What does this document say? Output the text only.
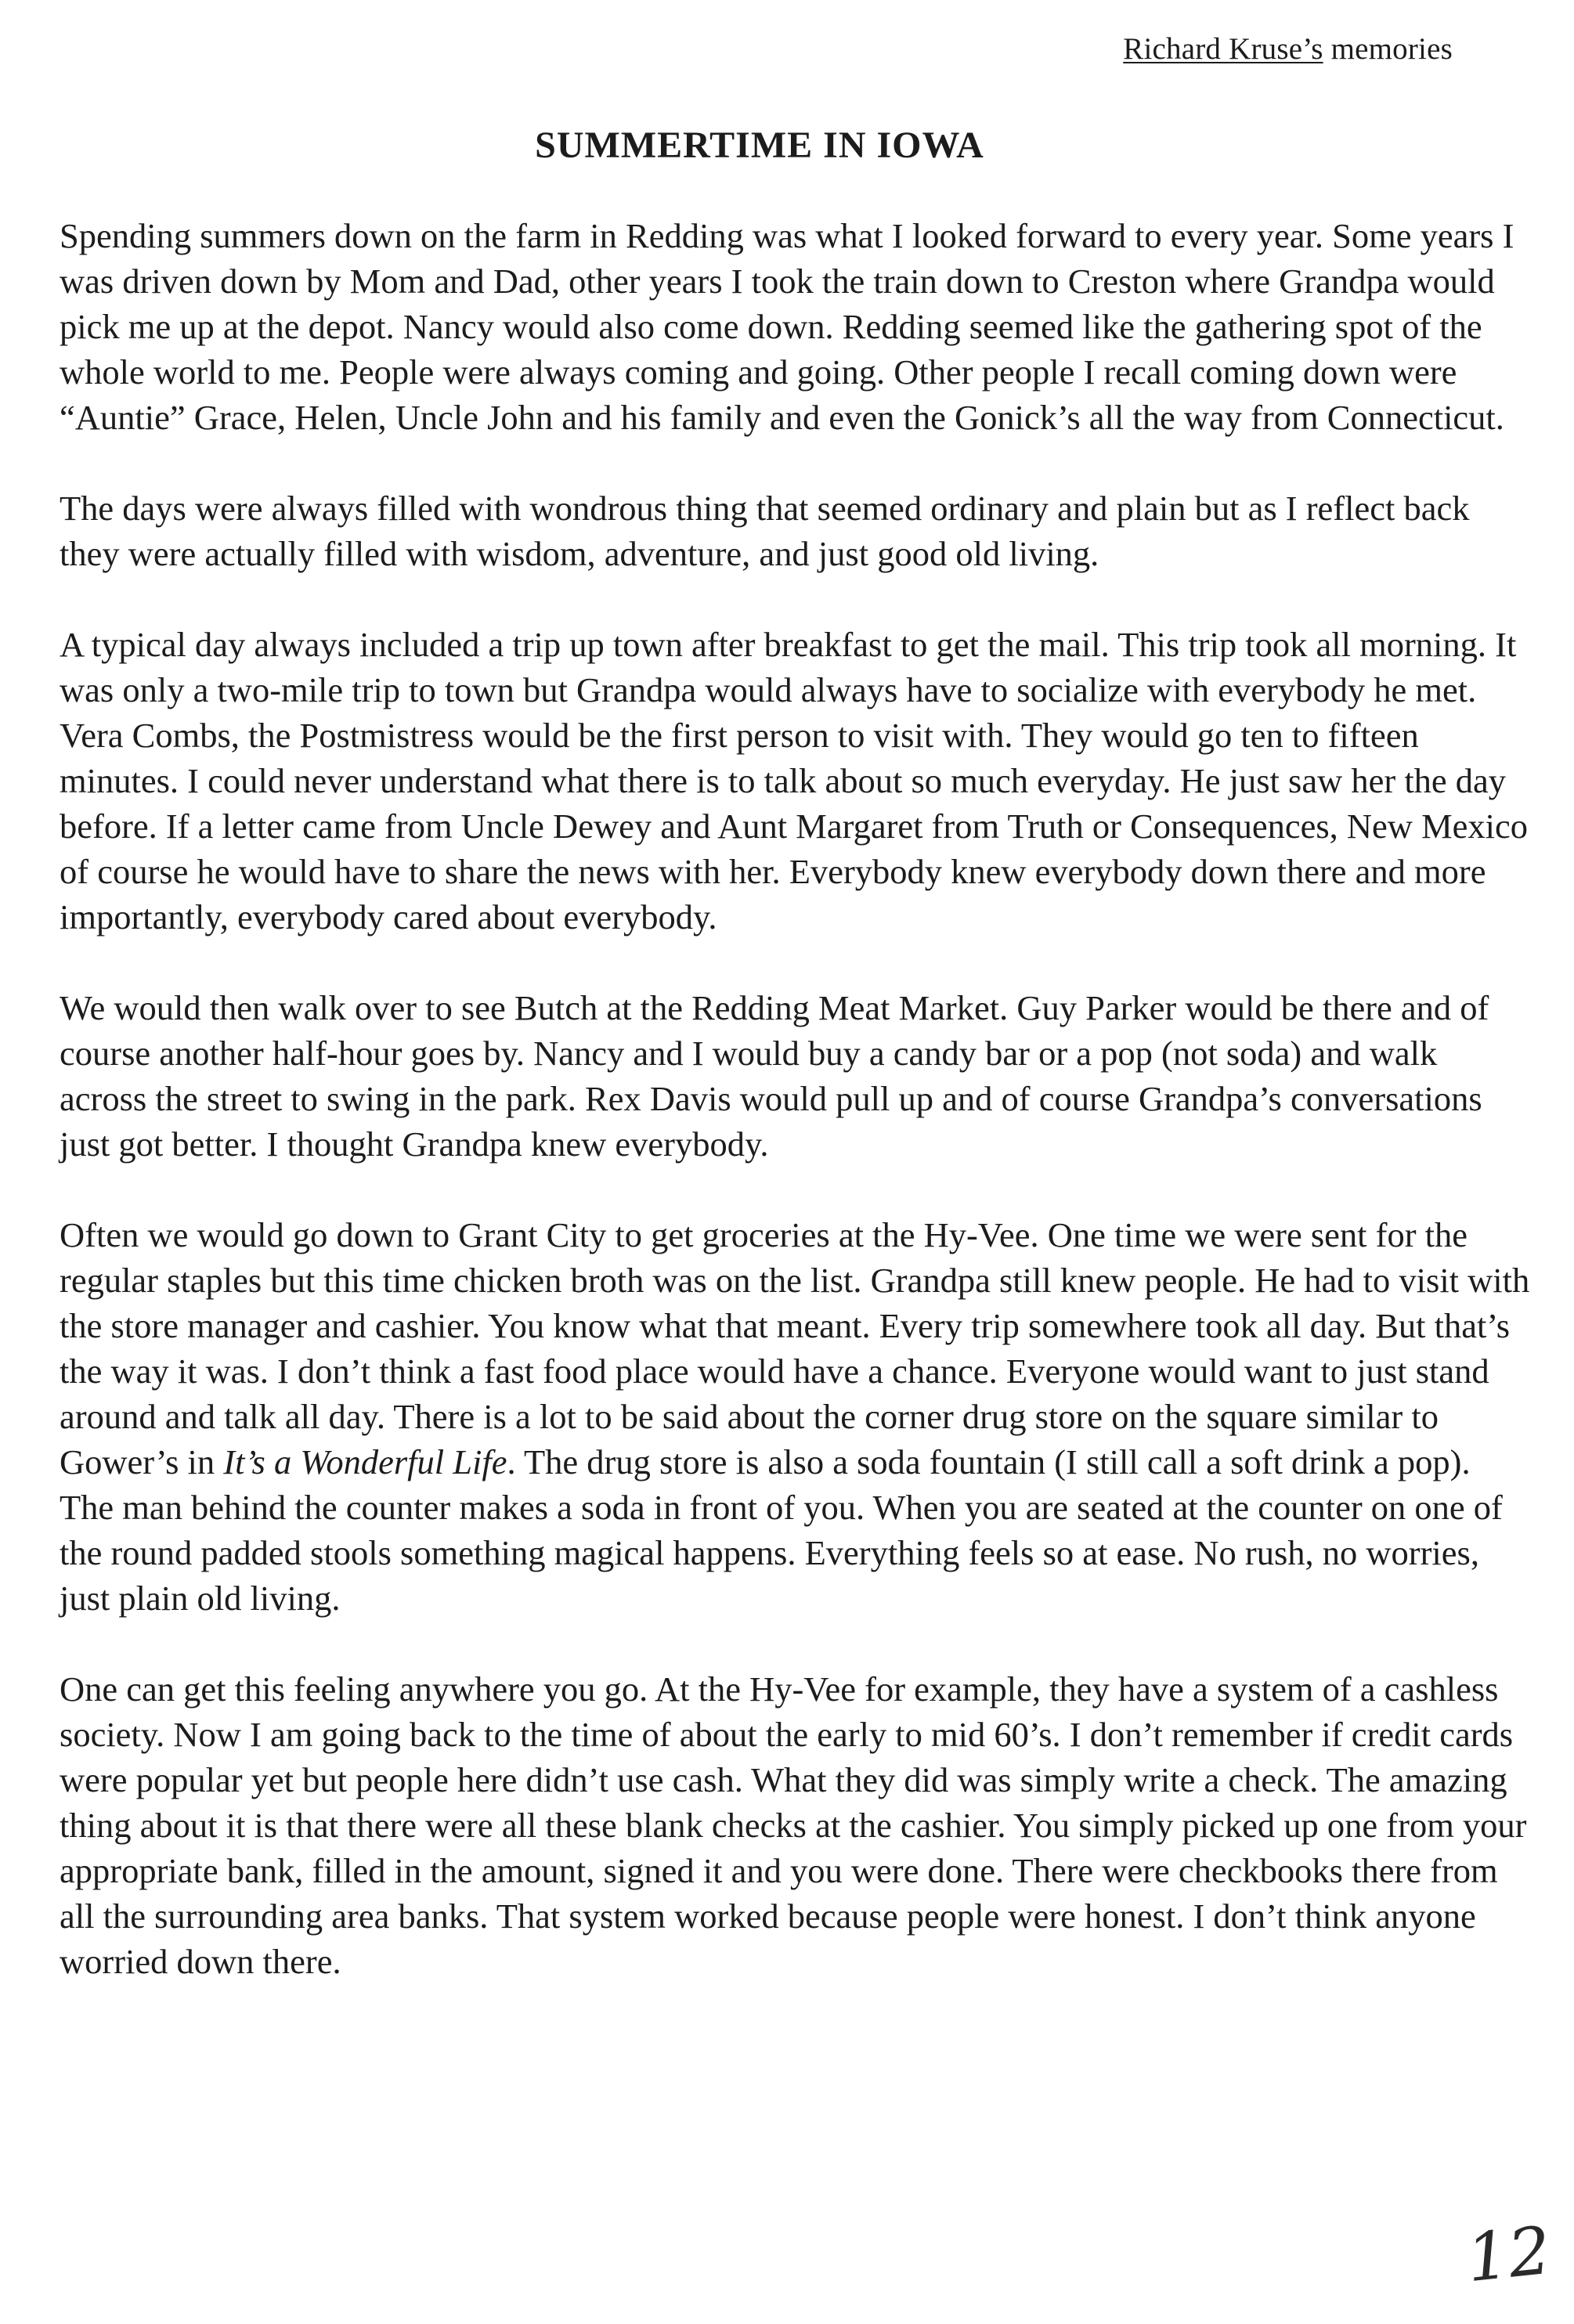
Richard Kruse’s memories
SUMMERTIME IN IOWA

Spending summers down on the farm in Redding was what I looked forward to every year. Some years I was driven down by Mom and Dad, other years I took the train down to Creston where Grandpa would pick me up at the depot. Nancy would also come down. Redding seemed like the gathering spot of the whole world to me. People were always coming and going. Other people I recall coming down were “Auntie” Grace, Helen, Uncle John and his family and even the Gonick’s all the way from Connecticut.

The days were always filled with wondrous thing that seemed ordinary and plain but as I reflect back they were actually filled with wisdom, adventure, and just good old living.

A typical day always included a trip up town after breakfast to get the mail. This trip took all morning. It was only a two-mile trip to town but Grandpa would always have to socialize with everybody he met. Vera Combs, the Postmistress would be the first person to visit with. They would go ten to fifteen minutes. I could never understand what there is to talk about so much everyday. He just saw her the day before. If a letter came from Uncle Dewey and Aunt Margaret from Truth or Consequences, New Mexico of course he would have to share the news with her. Everybody knew everybody down there and more importantly, everybody cared about everybody.

We would then walk over to see Butch at the Redding Meat Market. Guy Parker would be there and of course another half-hour goes by. Nancy and I would buy a candy bar or a pop (not soda) and walk across the street to swing in the park. Rex Davis would pull up and of course Grandpa’s conversations just got better. I thought Grandpa knew everybody.

Often we would go down to Grant City to get groceries at the Hy-Vee. One time we were sent for the regular staples but this time chicken broth was on the list. Grandpa still knew people. He had to visit with the store manager and cashier. You know what that meant. Every trip somewhere took all day. But that’s the way it was. I don’t think a fast food place would have a chance. Everyone would want to just stand around and talk all day. There is a lot to be said about the corner drug store on the square similar to Gower’s in It’s a Wonderful Life. The drug store is also a soda fountain (I still call a soft drink a pop). The man behind the counter makes a soda in front of you. When you are seated at the counter on one of the round padded stools something magical happens. Everything feels so at ease. No rush, no worries, just plain old living.

One can get this feeling anywhere you go. At the Hy-Vee for example, they have a system of a cashless society. Now I am going back to the time of about the early to mid 60’s. I don’t remember if credit cards were popular yet but people here didn’t use cash. What they did was simply write a check. The amazing thing about it is that there were all these blank checks at the cashier. You simply picked up one from your appropriate bank, filled in the amount, signed it and you were done. There were checkbooks there from all the surrounding area banks. That system worked because people were honest. I don’t think anyone worried down there.

12
